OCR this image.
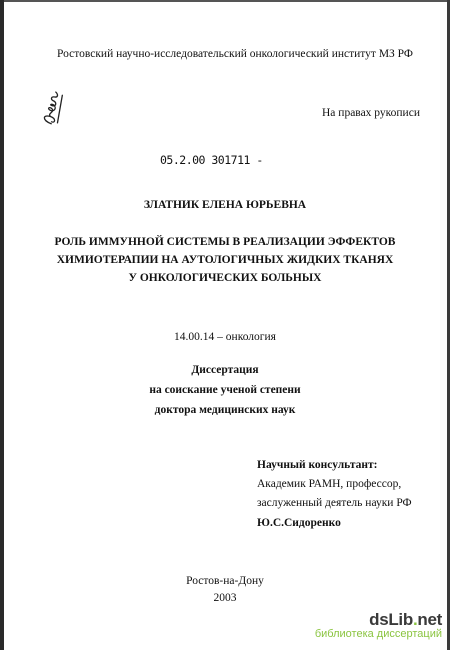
Ростовский научно-исследовательский онкологический институт МЗ РФ
На правах рукописи
05.2.00 301711 -
ЗЛАТНИК ЕЛЕНА ЮРЬЕВНА
РОЛЬ ИММУННОЙ СИСТЕМЫ В РЕАЛИЗАЦИИ ЭФФЕКТОВ
ХИМИОТЕРАПИИ НА АУТОЛОГИЧНЫХ ЖИДКИХ ТКАНЯХ
У ОНКОЛОГИЧЕСКИХ БОЛЬНЫХ
14.00.14 – онкология
Диссертация
на соискание ученой степени
доктора медицинских наук
Научный консультант:
Академик РАМН, профессор,
заслуженный деятель науки РФ
Ю.С.Сидоренко
Ростов-на-Дону
2003
dsLib.net
библиотека диссертаций
